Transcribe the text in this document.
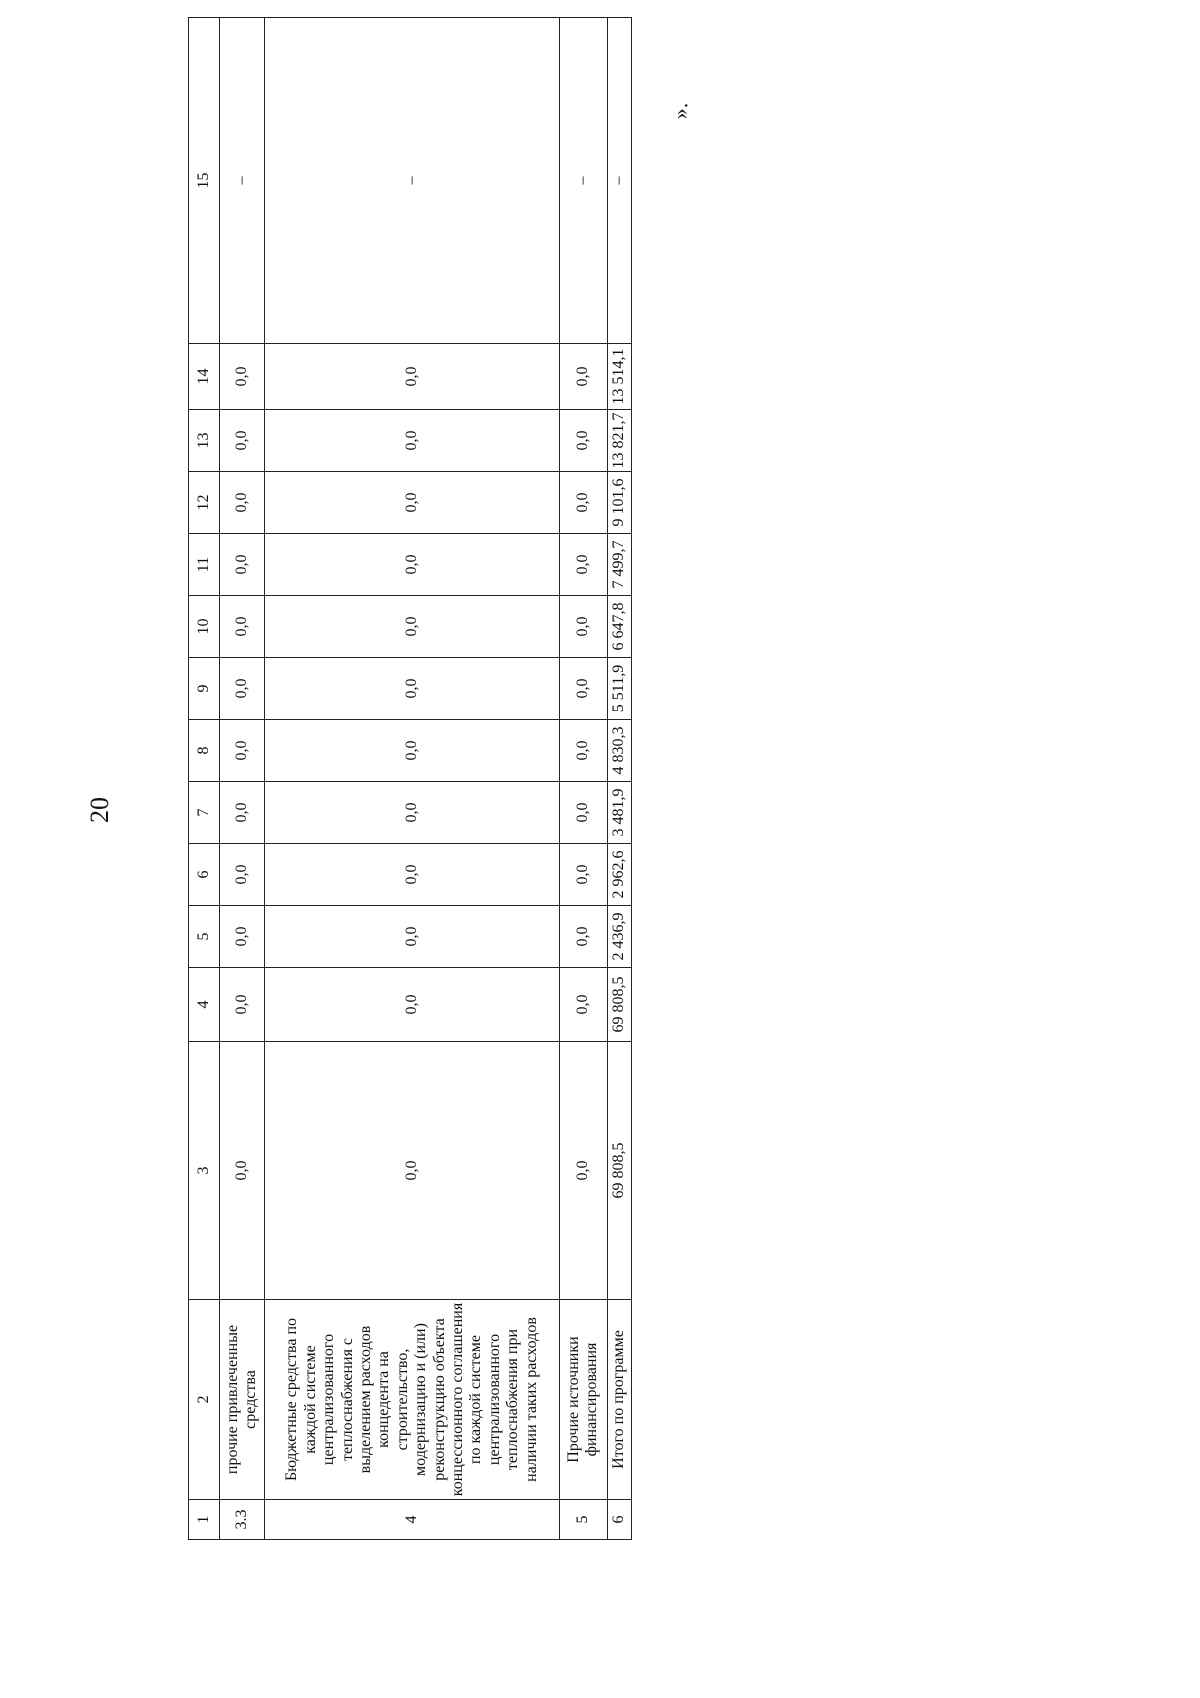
20
».
1	2	3	4	5	6	7	8	9	10	11	12	13	14	15
3.3	прочие привлеченные средства	0,0	0,0	0,0	0,0	0,0	0,0	0,0	0,0	0,0	0,0	0,0	0,0	–
4	Бюджетные средства по каждой системе централизованного теплоснабжения с выделением расходов концедента на строительство, модернизацию и (или) реконструкцию объекта концессионного соглашения по каждой системе централизованного теплоснабжения при наличии таких расходов	0,0	0,0	0,0	0,0	0,0	0,0	0,0	0,0	0,0	0,0	0,0	0,0	–
5	Прочие источники финансирования	0,0	0,0	0,0	0,0	0,0	0,0	0,0	0,0	0,0	0,0	0,0	0,0	–
6	Итого по программе	69 808,5	69 808,5	2 436,9	2 962,6	3 481,9	4 830,3	5 511,9	6 647,8	7 499,7	9 101,6	13 821,7	13 514,1	–
